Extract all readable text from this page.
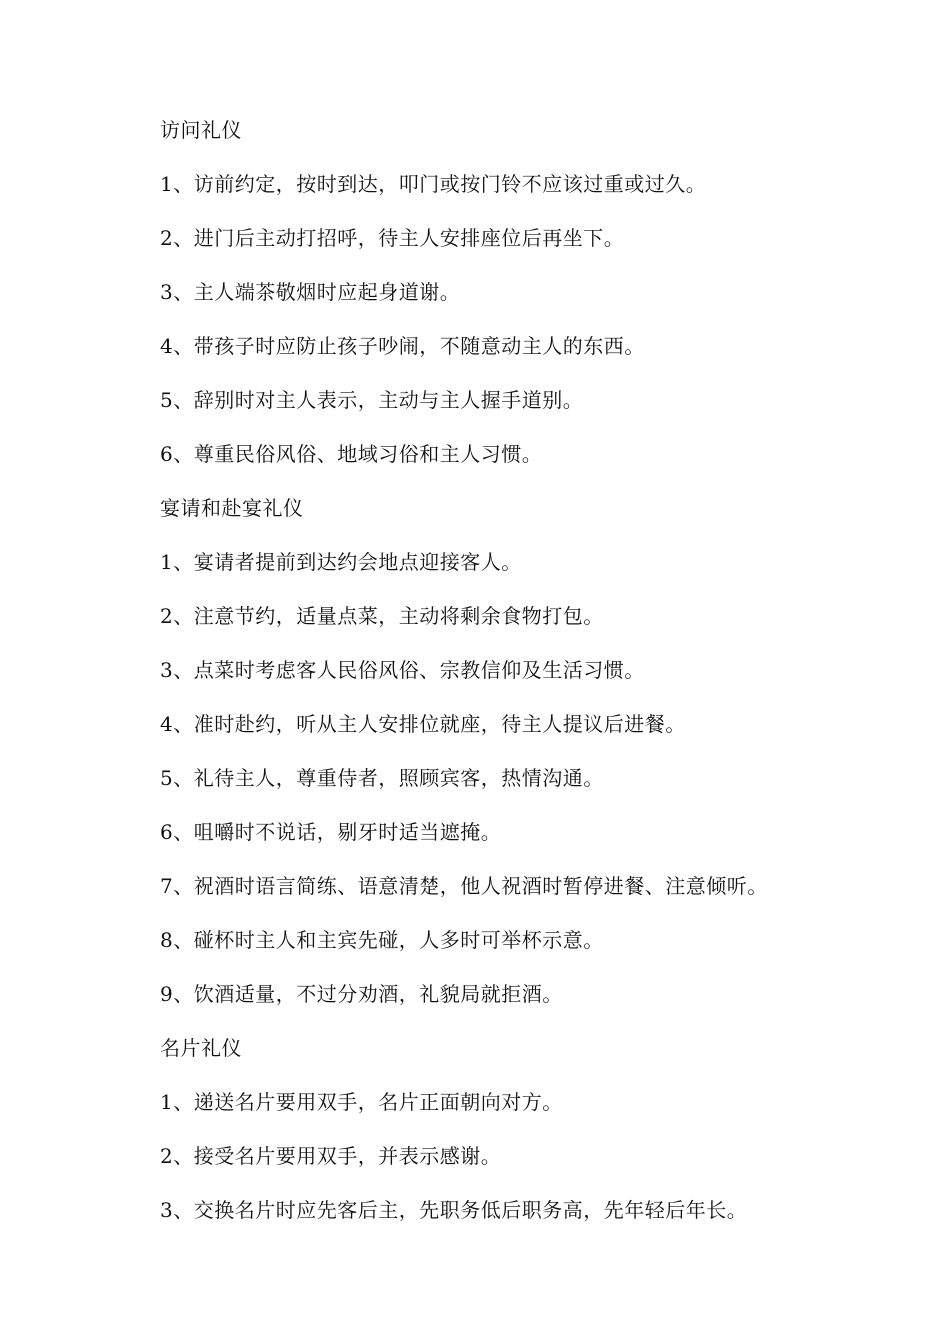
访问礼仪
1、访前约定，按时到达，叩门或按门铃不应该过重或过久。
2、进门后主动打招呼，待主人安排座位后再坐下。
3、主人端茶敬烟时应起身道谢。
4、带孩子时应防止孩子吵闹，不随意动主人的东西。
5、辞别时对主人表示，主动与主人握手道别。
6、尊重民俗风俗、地域习俗和主人习惯。
宴请和赴宴礼仪
1、宴请者提前到达约会地点迎接客人。
2、注意节约，适量点菜，主动将剩余食物打包。
3、点菜时考虑客人民俗风俗、宗教信仰及生活习惯。
4、准时赴约，听从主人安排位就座，待主人提议后进餐。
5、礼待主人，尊重侍者，照顾宾客，热情沟通。
6、咀嚼时不说话，剔牙时适当遮掩。
7、祝酒时语言简练、语意清楚，他人祝酒时暂停进餐、注意倾听。
8、碰杯时主人和主宾先碰，人多时可举杯示意。
9、饮酒适量，不过分劝酒，礼貌局就拒酒。
名片礼仪
1、递送名片要用双手，名片正面朝向对方。
2、接受名片要用双手，并表示感谢。
3、交换名片时应先客后主，先职务低后职务高，先年轻后年长。
